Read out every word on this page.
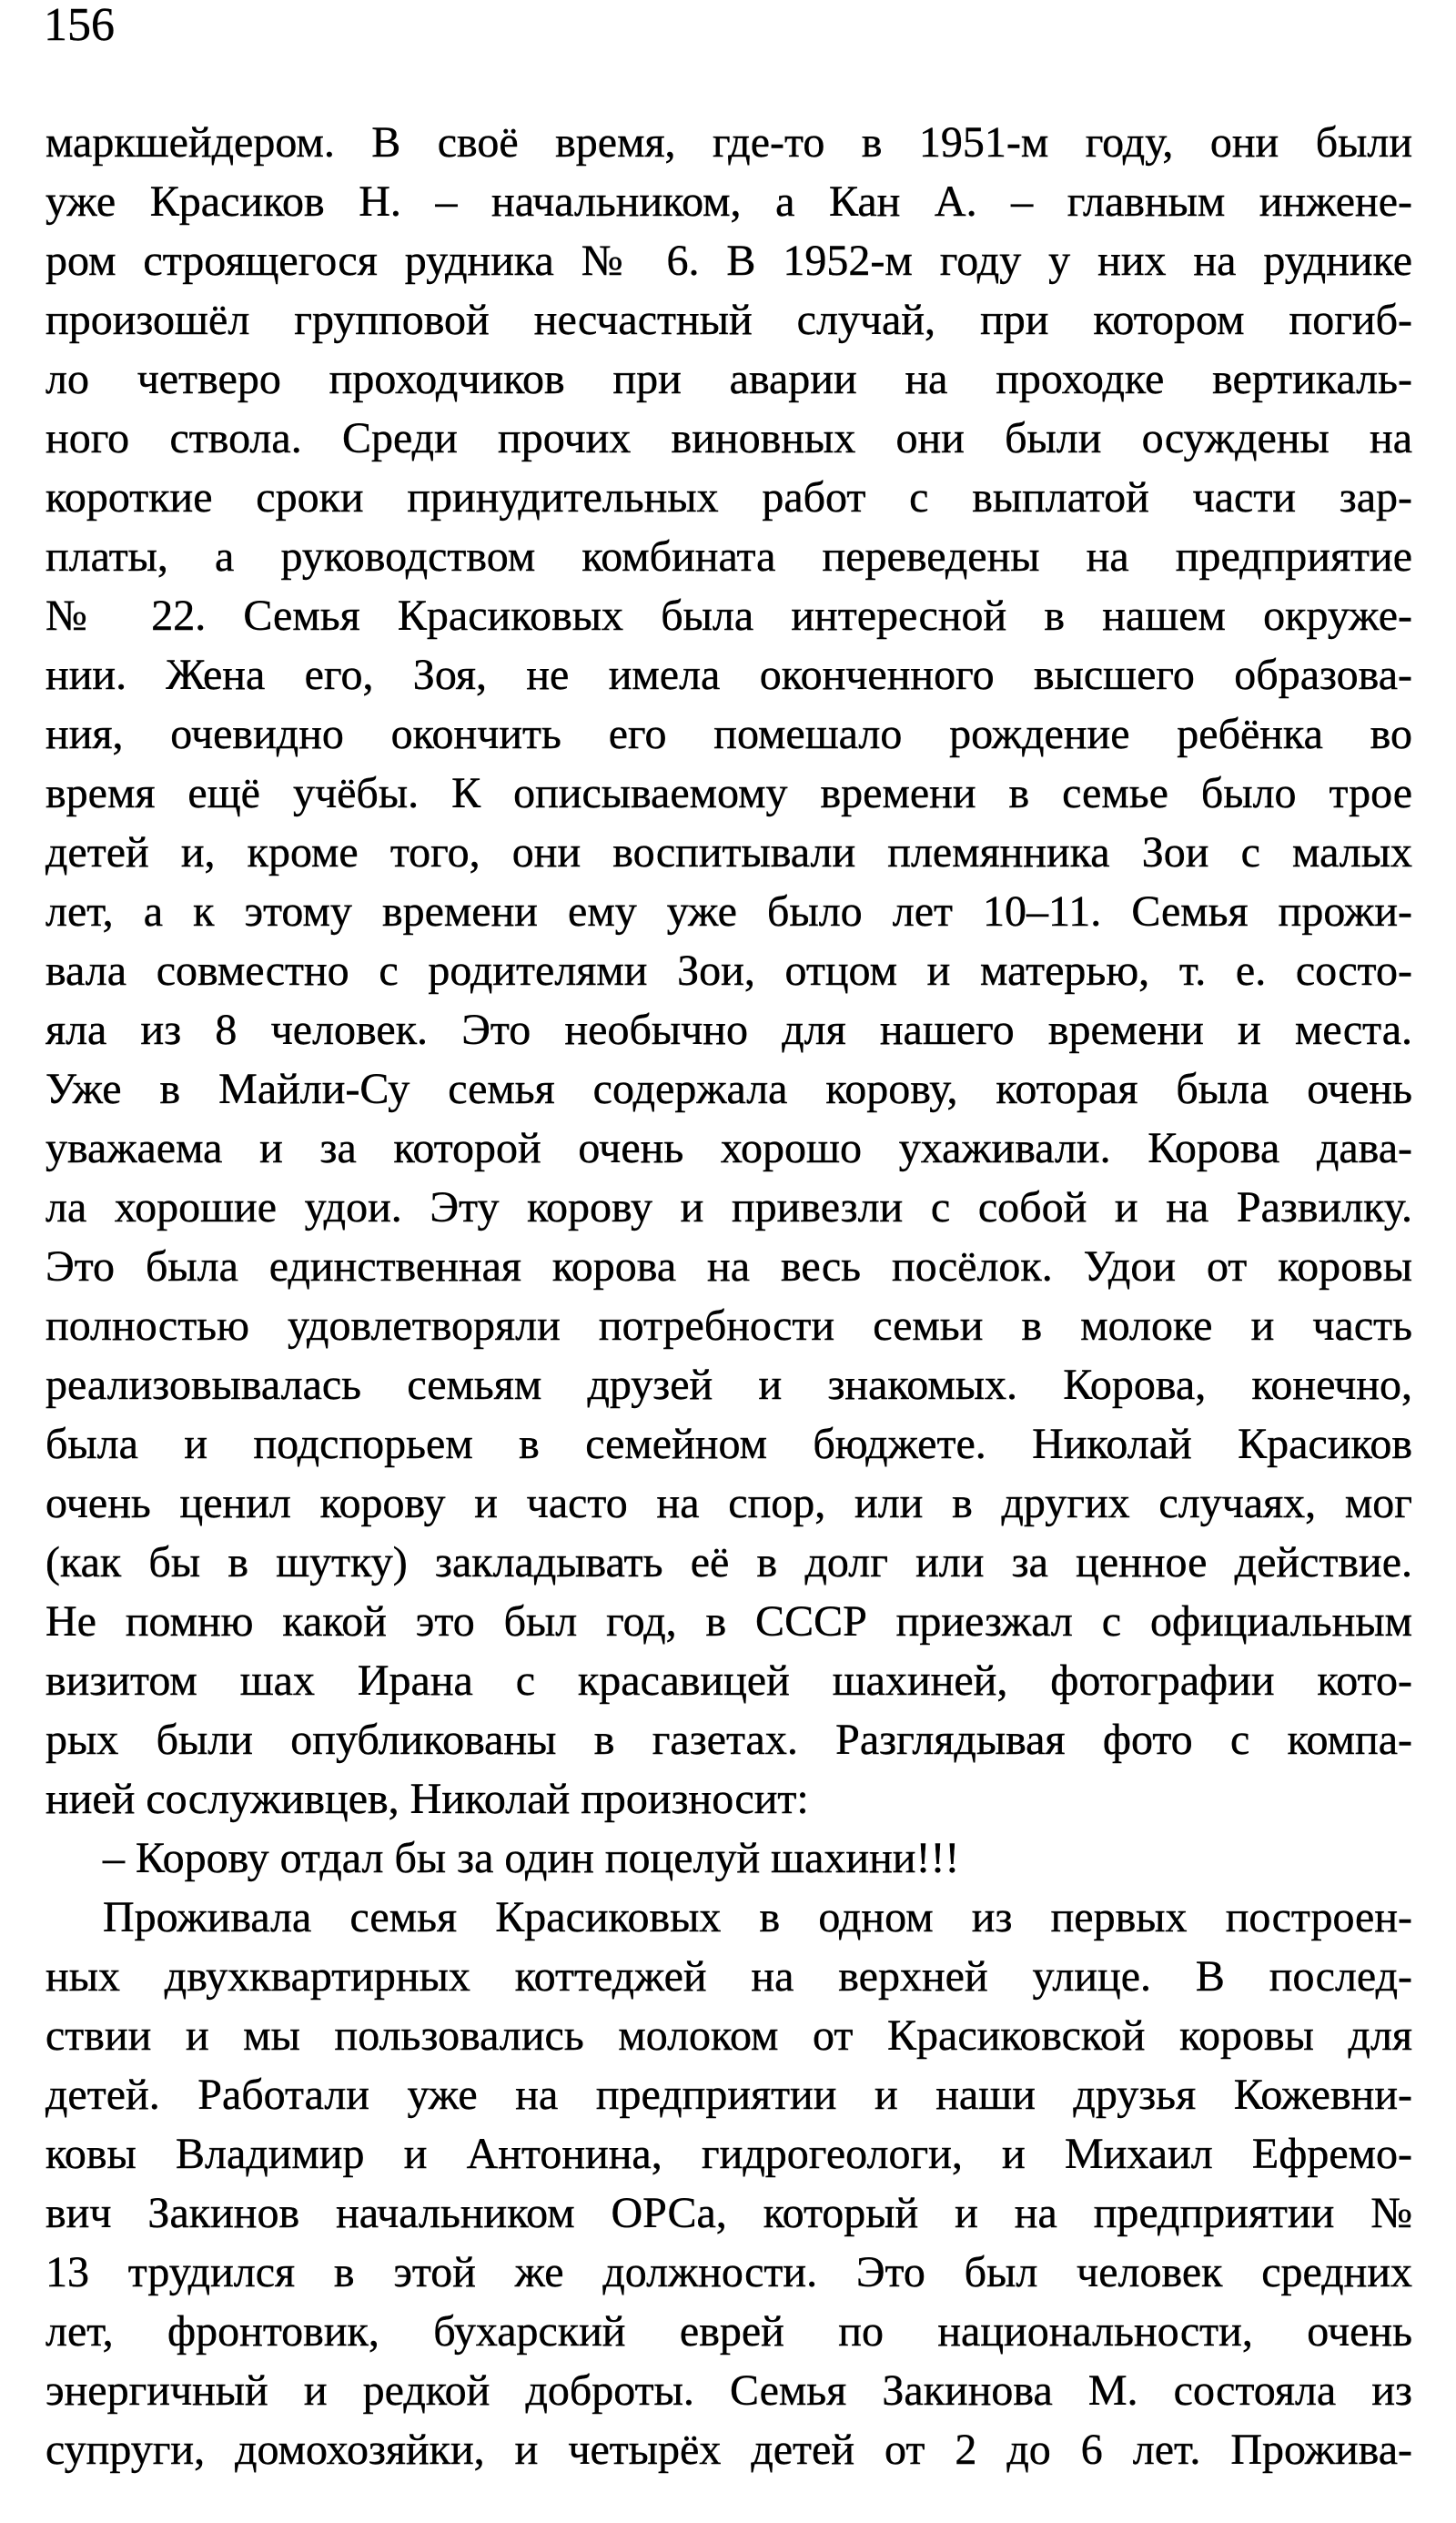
156
маркшейдером. В своё время, где-то в 1951-м году, они были
уже Красиков Н. – начальником, а Кан А. – главным инжене-
ром строящегося рудника № 6. В 1952-м году у них на руднике
произошёл групповой несчастный случай, при котором погиб-
ло четверо проходчиков при аварии на проходке вертикаль-
ного ствола. Среди прочих виновных они были осуждены на
короткие сроки принудительных работ с выплатой части зар-
платы, а руководством комбината переведены на предприятие
№ 22. Семья Красиковых была интересной в нашем окруже-
нии. Жена его, Зоя, не имела оконченного высшего образова-
ния, очевидно окончить его помешало рождение ребёнка во
время ещё учёбы. К описываемому времени в семье было трое
детей и, кроме того, они воспитывали племянника Зои с малых
лет, а к этому времени ему уже было лет 10–11. Семья прожи-
вала совместно с родителями Зои, отцом и матерью, т. е. состо-
яла из 8 человек. Это необычно для нашего времени и места.
Уже в Майли-Су семья содержала корову, которая была очень
уважаема и за которой очень хорошо ухаживали. Корова дава-
ла хорошие удои. Эту корову и привезли с собой и на Развилку.
Это была единственная корова на весь посёлок. Удои от коровы
полностью удовлетворяли потребности семьи в молоке и часть
реализовывалась семьям друзей и знакомых. Корова, конечно,
была и подспорьем в семейном бюджете. Николай Красиков
очень ценил корову и часто на спор, или в других случаях, мог
(как бы в шутку) закладывать её в долг или за ценное действие.
Не помню какой это был год, в СССР приезжал с официальным
визитом шах Ирана с красавицей шахиней, фотографии кото-
рых были опубликованы в газетах. Разглядывая фото с компа-
нией сослуживцев, Николай произносит:
– Корову отдал бы за один поцелуй шахини!!!
Проживала семья Красиковых в одном из первых построен-
ных двухквартирных коттеджей на верхней улице. В послед-
ствии и мы пользовались молоком от Красиковской коровы для
детей. Работали уже на предприятии и наши друзья Кожевни-
ковы Владимир и Антонина, гидрогеологи, и Михаил Ефремо-
вич Закинов начальником ОРСа, который и на предприятии №
13 трудился в этой же должности. Это был человек средних
лет, фронтовик, бухарский еврей по национальности, очень
энергичный и редкой доброты. Семья Закинова М. состояла из
супруги, домохозяйки, и четырёх детей от 2 до 6 лет. Прожива-
